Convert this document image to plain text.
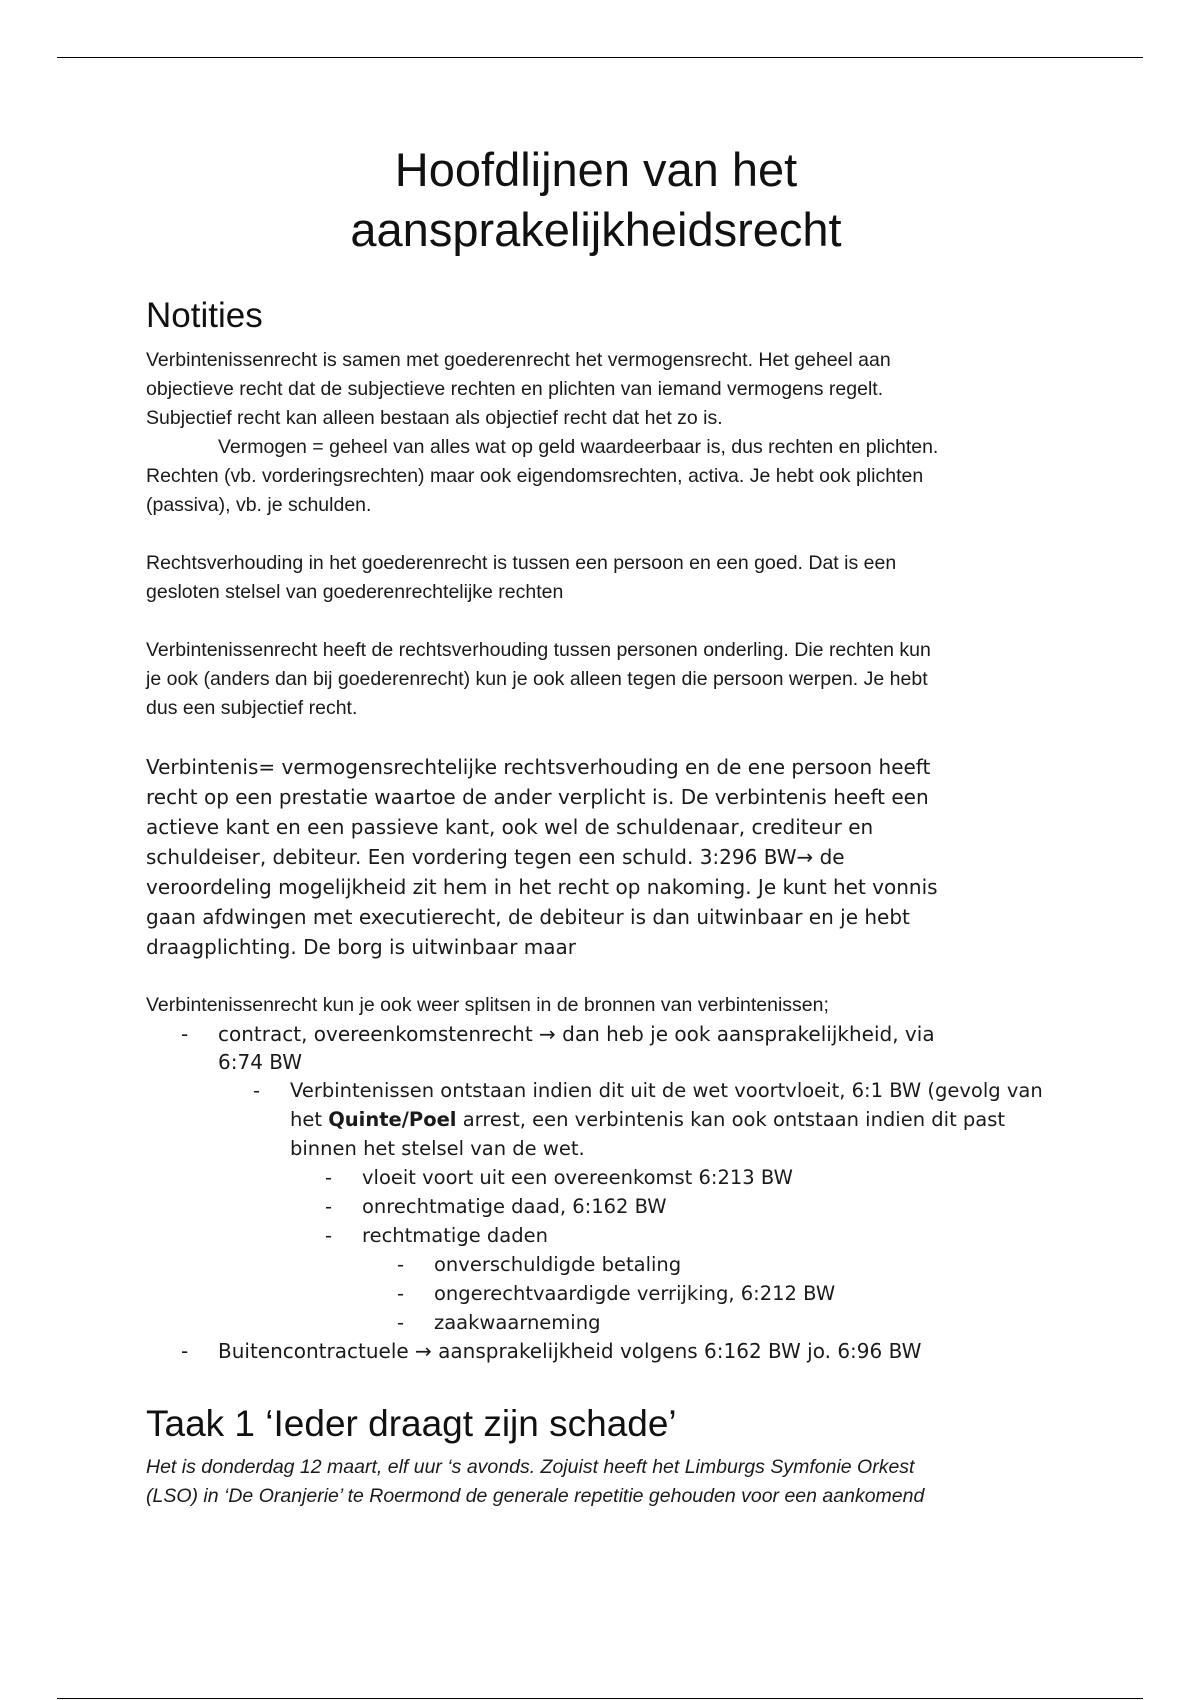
Hoofdlijnen van het
aansprakelijkheidsrecht
Notities

Verbintenissenrecht is samen met goederenrecht het vermogensrecht. Het geheel aan
objectieve recht dat de subjectieve rechten en plichten van iemand vermogens regelt.
Subjectief recht kan alleen bestaan als objectief recht dat het zo is.
Vermogen = geheel van alles wat op geld waardeerbaar is, dus rechten en plichten.
Rechten (vb. vorderingsrechten) maar ook eigendomsrechten, activa. Je hebt ook plichten
(passiva), vb. je schulden.

Rechtsverhouding in het goederenrecht is tussen een persoon en een goed. Dat is een
gesloten stelsel van goederenrechtelijke rechten

Verbintenissenrecht heeft de rechtsverhouding tussen personen onderling. Die rechten kun
je ook (anders dan bij goederenrecht) kun je ook alleen tegen die persoon werpen. Je hebt
dus een subjectief recht.

Verbintenis= vermogensrechtelijke rechtsverhouding en de ene persoon heeft
recht op een prestatie waartoe de ander verplicht is. De verbintenis heeft een
actieve kant en een passieve kant, ook wel de schuldenaar, crediteur en
schuldeiser, debiteur. Een vordering tegen een schuld. 3:296 BW→ de
veroordeling mogelijkheid zit hem in het recht op nakoming. Je kunt het vonnis
gaan afdwingen met executierecht, de debiteur is dan uitwinbaar en je hebt
draagplichting. De borg is uitwinbaar maar

Verbintenissenrecht kun je ook weer splitsen in de bronnen van verbintenissen;

- contract, overeenkomstenrecht → dan heb je ook aansprakelijkheid, via
6:74 BW
- Verbintenissen ontstaan indien dit uit de wet voortvloeit, 6:1 BW (gevolg van
het Quinte/Poel arrest, een verbintenis kan ook ontstaan indien dit past
binnen het stelsel van de wet.
- vloeit voort uit een overeenkomst 6:213 BW
- onrechtmatige daad, 6:162 BW
- rechtmatige daden
- onverschuldigde betaling
- ongerechtvaardigde verrijking, 6:212 BW
- zaakwaarneming
- Buitencontractuele → aansprakelijkheid volgens 6:162 BW jo. 6:96 BW
Taak 1 ‘Ieder draagt zijn schade’

Het is donderdag 12 maart, elf uur ‘s avonds. Zojuist heeft het Limburgs Symfonie Orkest
(LSO) in ‘De Oranjerie’ te Roermond de generale repetitie gehouden voor een aankomend
